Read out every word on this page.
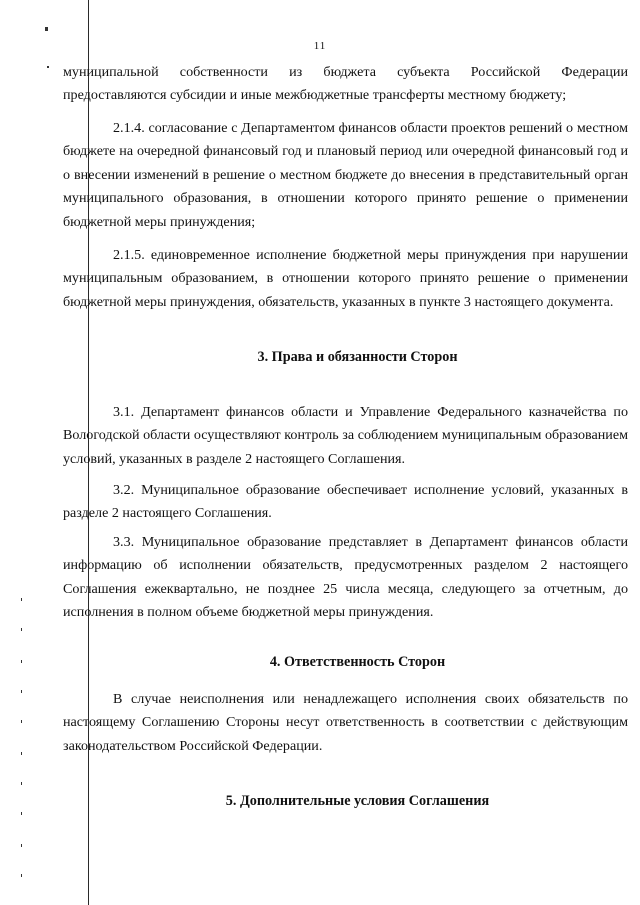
11

муниципальной собственности из бюджета субъекта Российской Федерации предоставляются субсидии и иные межбюджетные трансферты местному бюджету;

2.1.4. согласование с Департаментом финансов области проектов решений о местном бюджете на очередной финансовый год и плановый период или очередной финансовый год и о внесении изменений в решение о местном бюджете до внесения в представительный орган муниципального образования, в отношении которого принято решение о применении бюджетной меры принуждения;

2.1.5. единовременное исполнение бюджетной меры принуждения при нарушении муниципальным образованием, в отношении которого принято решение о применении бюджетной меры принуждения, обязательств, указанных в пункте 3 настоящего документа.

3. Права и обязанности Сторон

3.1. Департамент финансов области и Управление Федерального казначейства по Вологодской области осуществляют контроль за соблюдением муниципальным образованием условий, указанных в разделе 2 настоящего Соглашения.

3.2. Муниципальное образование обеспечивает исполнение условий, указанных в разделе 2 настоящего Соглашения.

3.3. Муниципальное образование представляет в Департамент финансов области информацию об исполнении обязательств, предусмотренных разделом 2 настоящего Соглашения ежеквартально, не позднее 25 числа месяца, следующего за отчетным, до исполнения в полном объеме бюджетной меры принуждения.

4. Ответственность Сторон

В случае неисполнения или ненадлежащего исполнения своих обязательств по настоящему Соглашению Стороны несут ответственность в соответствии с действующим законодательством Российской Федерации.

5. Дополнительные условия Соглашения
